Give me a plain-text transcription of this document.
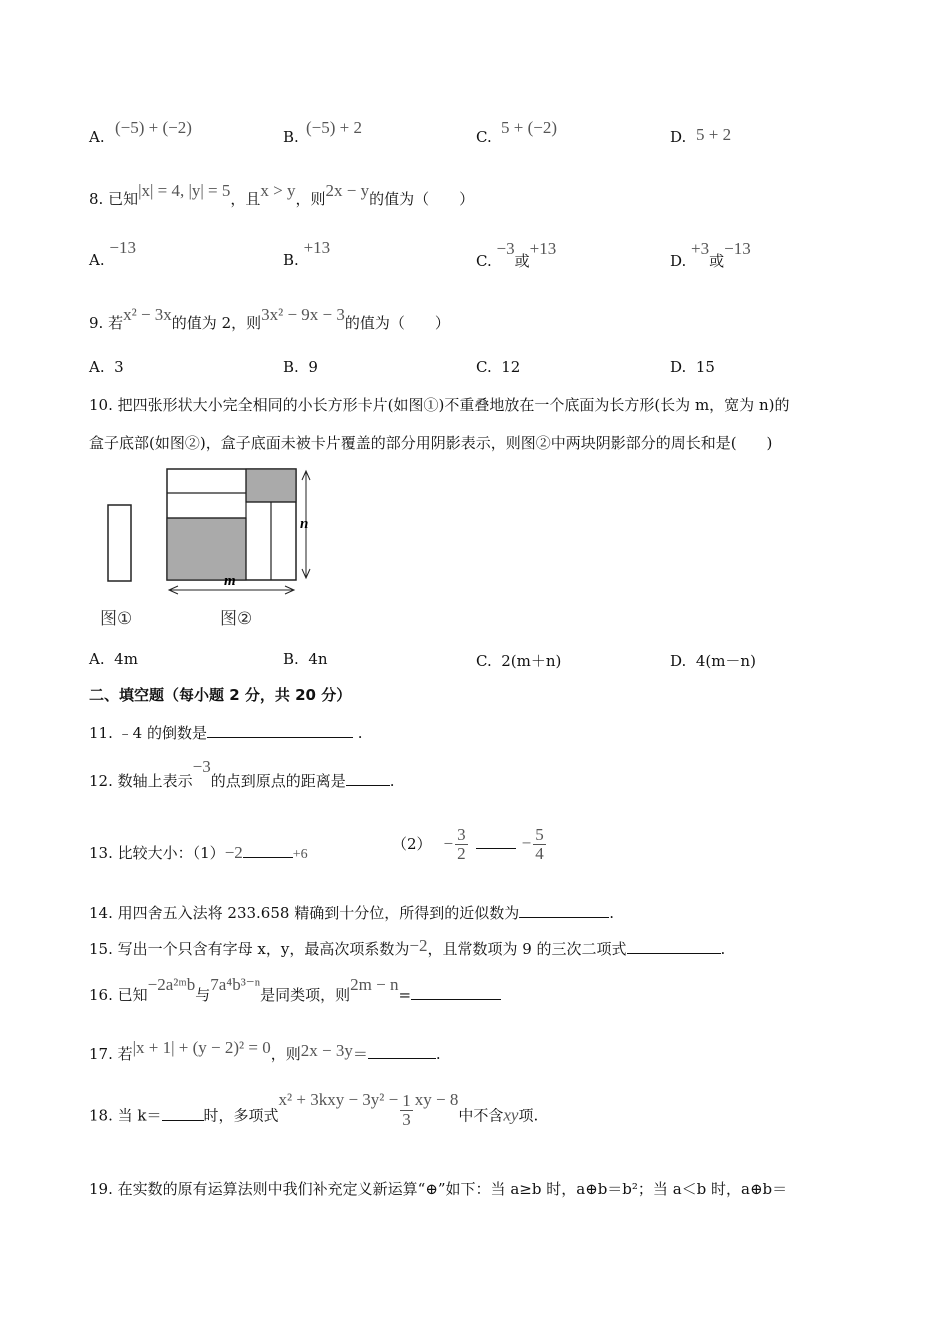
A. (−5) + (−2)	B. (−5) + 2	C. 5 + (−2)	D. 5 + 2
8. 已知|x| = 4, |y| = 5，且x > y，则2x − y的值为（　　）
A. −13
B. +13
C. −3或+13
D. +3或−13
9. 若x² − 3x的值为 2，则3x² − 9x − 3的值为（　　）
A. 3	B. 9	C. 12	D. 15
10. 把四张形状大小完全相同的小长方形卡片(如图①)不重叠地放在一个底面为长方形(长为 m，宽为 n)的
盒子底部(如图②)，盒子底面未被卡片覆盖的部分用阴影表示，则图②中两块阴影部分的周长和是(　　)
n
m
图①	图②
A. 4m	B. 4n	C. 2(m＋n)	D. 4(m－n)
二、填空题（每小题 2 分，共 20 分）
11. ﹣4 的倒数是	.
12. 数轴上表示−3的点到原点的距离是	.
13. 比较大小：（1）−2	+6
$(2) - \frac{3}{2}$	− $\frac{5}{4}$
14. 用四舍五入法将 233.658 精确到十分位，所得到的近似数为	.
15. 写出一个只含有字母 x，y，最高次项系数为−2，且常数项为 9 的三次二项式	.
16. 已知−2a²ᵐb与7a⁴b³⁻ⁿ是同类项，则2m − n=
17. 若|x + 1| + (y − 2)² = 0，则2x − 3y＝	.
18. 当 k＝	时，多项式$x^2 + 3kxy - 3y^2 - \frac{1}{3}$ xy − 8中不含xy项.
19. 在实数的原有运算法则中我们补充定义新运算“⊕”如下：当 a≥b 时，a⊕b＝b²；当 a＜b 时，a⊕b＝
